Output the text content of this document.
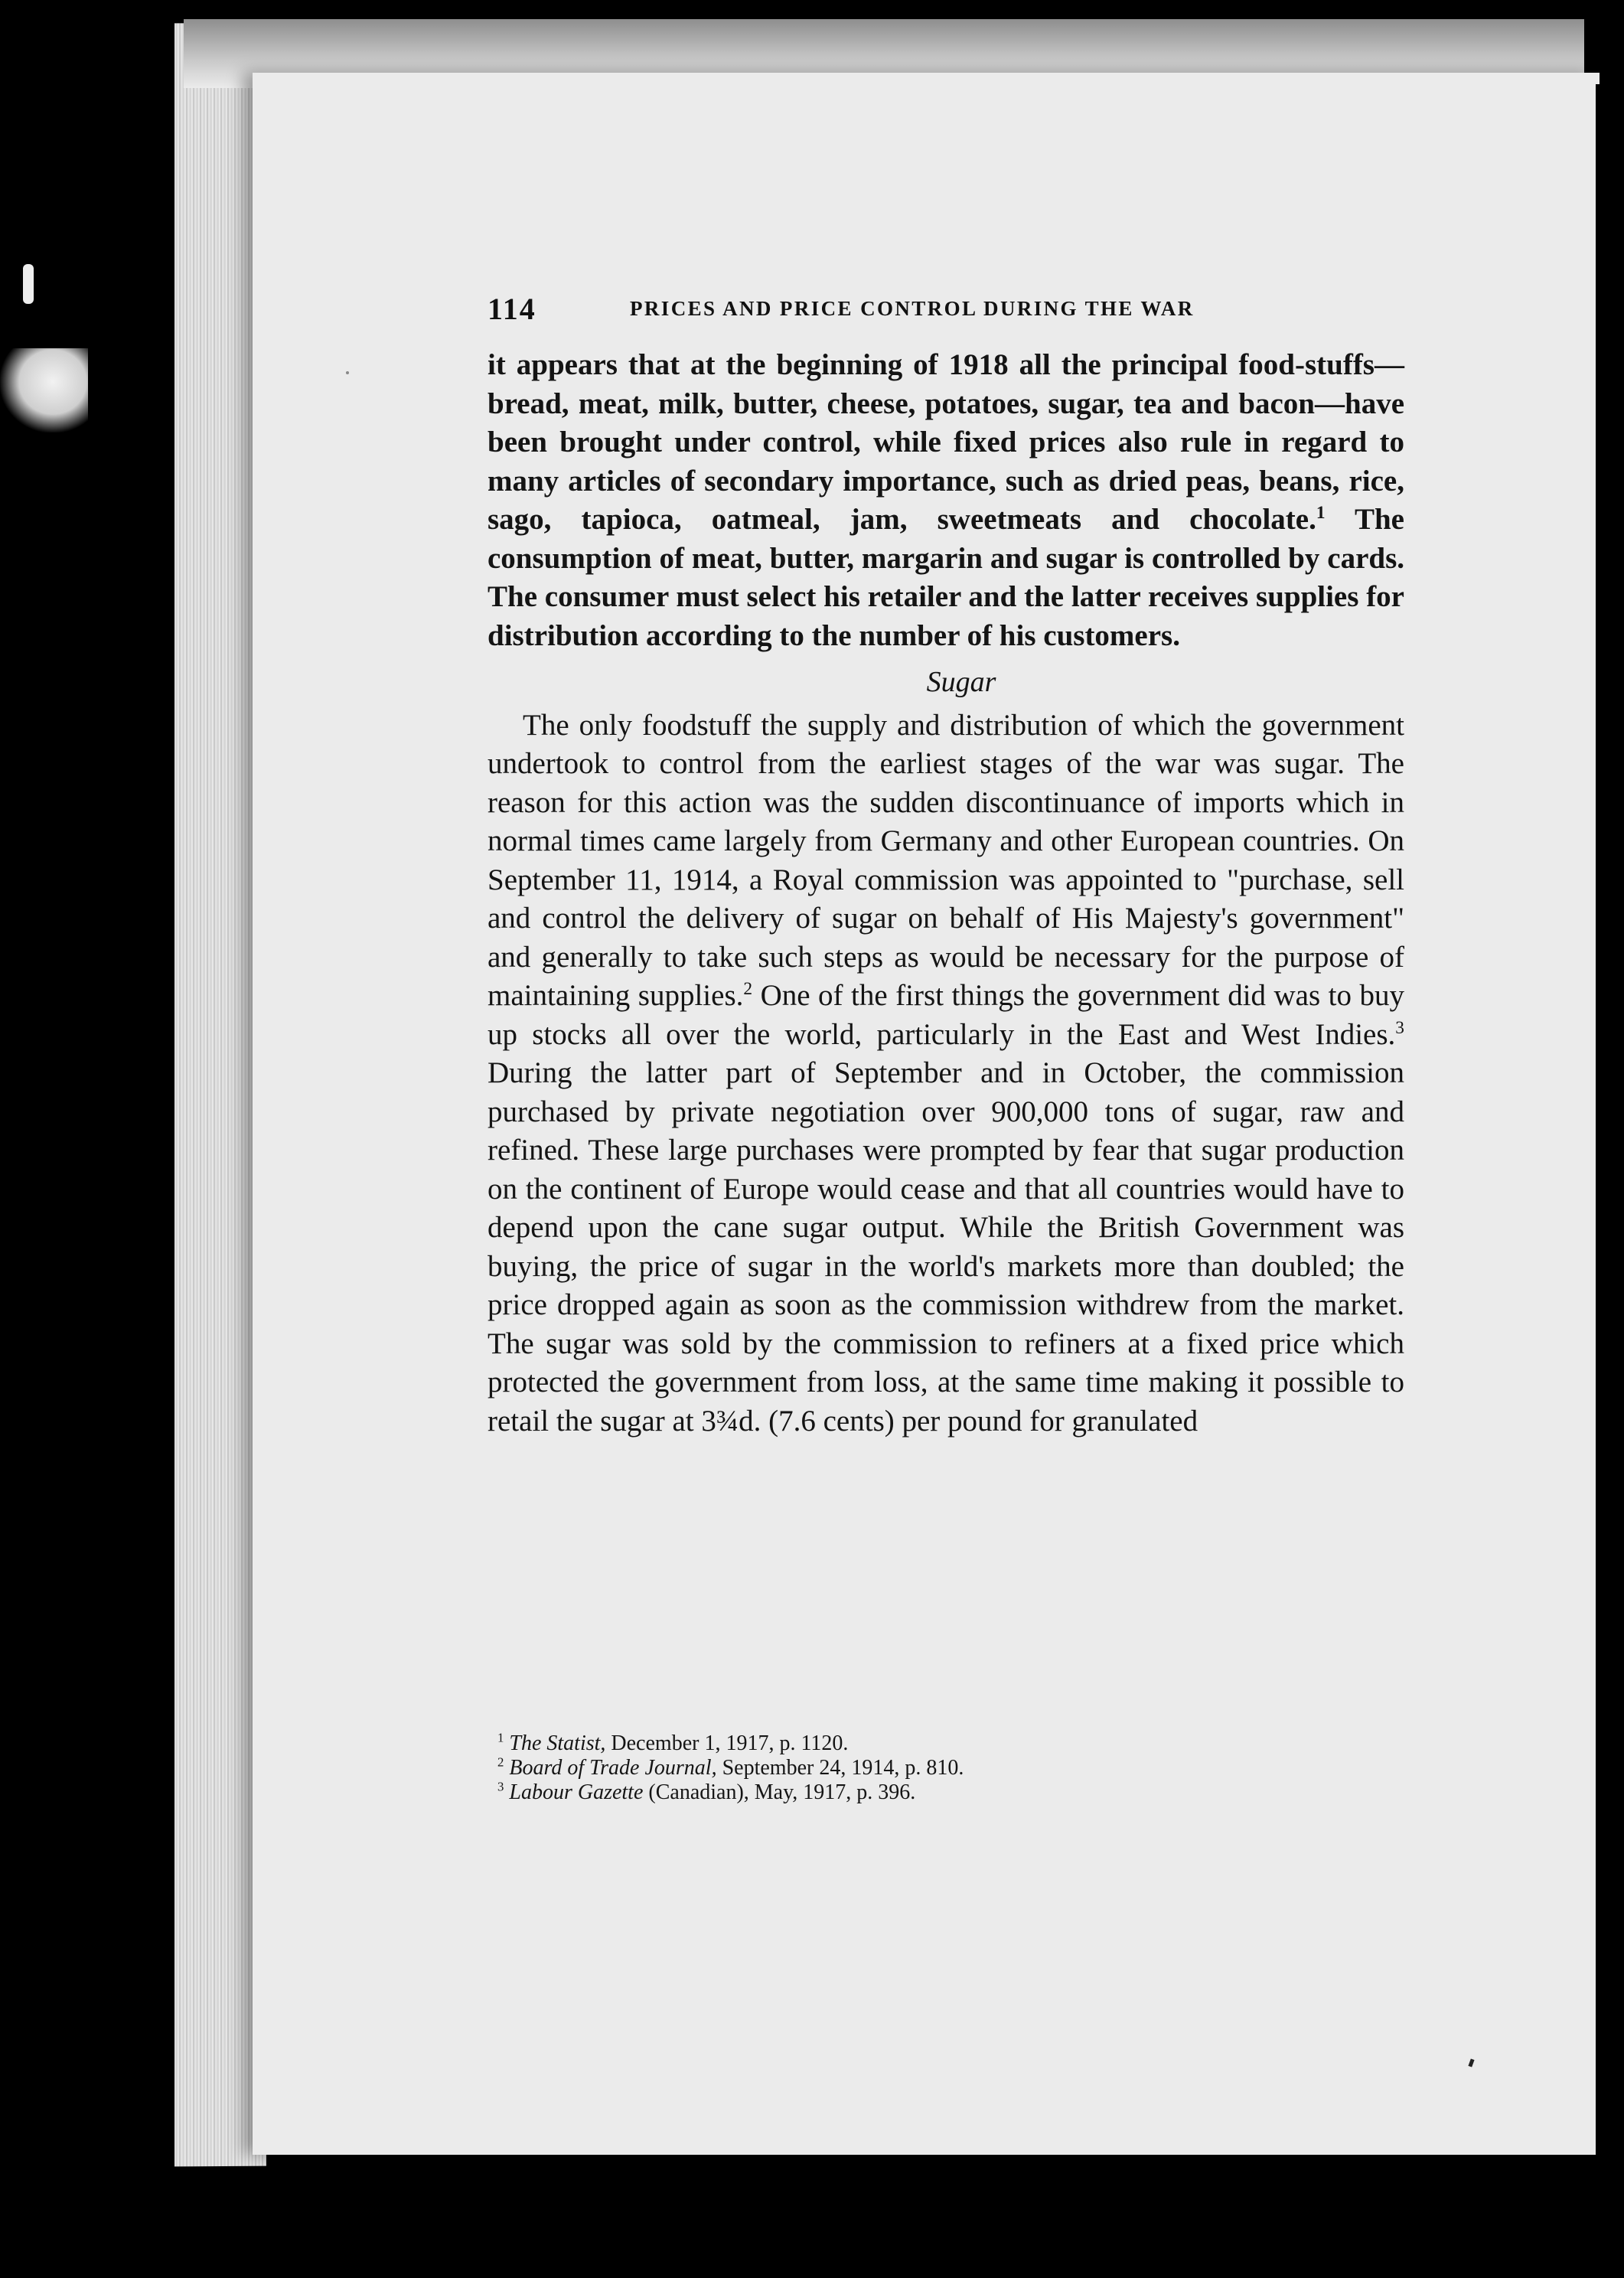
114	PRICES AND PRICE CONTROL DURING THE WAR

it appears that at the beginning of 1918 all the principal food-stuffs—bread, meat, milk, butter, cheese, potatoes, sugar, tea and bacon—have been brought under control, while fixed prices also rule in regard to many articles of secondary importance, such as dried peas, beans, rice, sago, tapioca, oatmeal, jam, sweetmeats and chocolate.$^1$ The consumption of meat, butter, margarin and sugar is controlled by cards. The consumer must select his retailer and the latter receives supplies for distribution according to the number of his customers.

Sugar

The only foodstuff the supply and distribution of which the government undertook to control from the earliest stages of the war was sugar. The reason for this action was the sudden discontinuance of imports which in normal times came largely from Germany and other European countries. On September 11, 1914, a Royal commission was appointed to "purchase, sell and control the delivery of sugar on behalf of His Majesty's government" and generally to take such steps as would be necessary for the purpose of maintaining supplies.$^2$ One of the first things the government did was to buy up stocks all over the world, particularly in the East and West Indies.$^3$ During the latter part of September and in October, the commission purchased by private negotiation over 900,000 tons of sugar, raw and refined. These large purchases were prompted by fear that sugar production on the continent of Europe would cease and that all countries would have to depend upon the cane sugar output. While the British Government was buying, the price of sugar in the world's markets more than doubled; the price dropped again as soon as the commission withdrew from the market. The sugar was sold by the commission to refiners at a fixed price which protected the government from loss, at the same time making it possible to retail the sugar at 3¾d. (7.6 cents) per pound for granulated

$^1$ The Statist, December 1, 1917, p. 1120.

$^2$ Board of Trade Journal, September 24, 1914, p. 810.

$^3$ Labour Gazette (Canadian), May, 1917, p. 396.
